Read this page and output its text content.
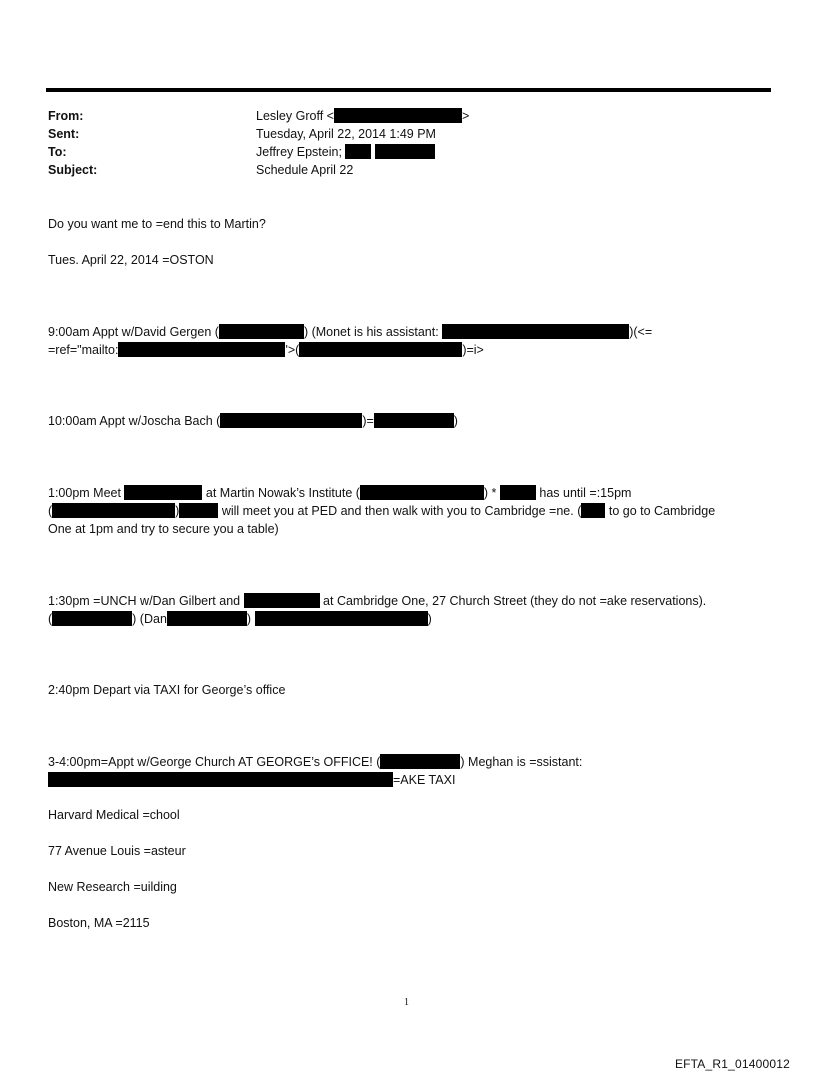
From:	Lesley Groff <	>
Sent:	Tuesday, April 22, 2014 1:49 PM
To:	Jeffrey Epstein;
Subject:	Schedule April 22
Do you want me to =end this to Martin?
Tues. April 22, 2014 =OSTON
9:00am Appt w/David Gergen (	) (Monet is his assistant:	)(<=
=ref="mailto:	'>(	)=i>
10:00am Appt w/Joscha Bach (	)=	)
1:00pm Meet	at Martin Nowak’s Institute (	) *	has until =:15pm
(	)	will meet you at PED and then walk with you to Cambridge =ne. ( to go to Cambridge
One at 1pm and try to secure you a table)
1:30pm =UNCH w/Dan Gilbert and	at Cambridge One, 27 Church Street (they do not =ake reservations).
(	) (Dan	)	)
2:40pm Depart via TAXI for George’s office
3-4:00pm=Appt w/George Church AT GEORGE’s OFFICE! (	) Meghan is =ssistant:
=AKE TAXI
Harvard Medical =chool
77 Avenue Louis =asteur
New Research =uilding
Boston, MA =2115
1
EFTA_R1_01400012
